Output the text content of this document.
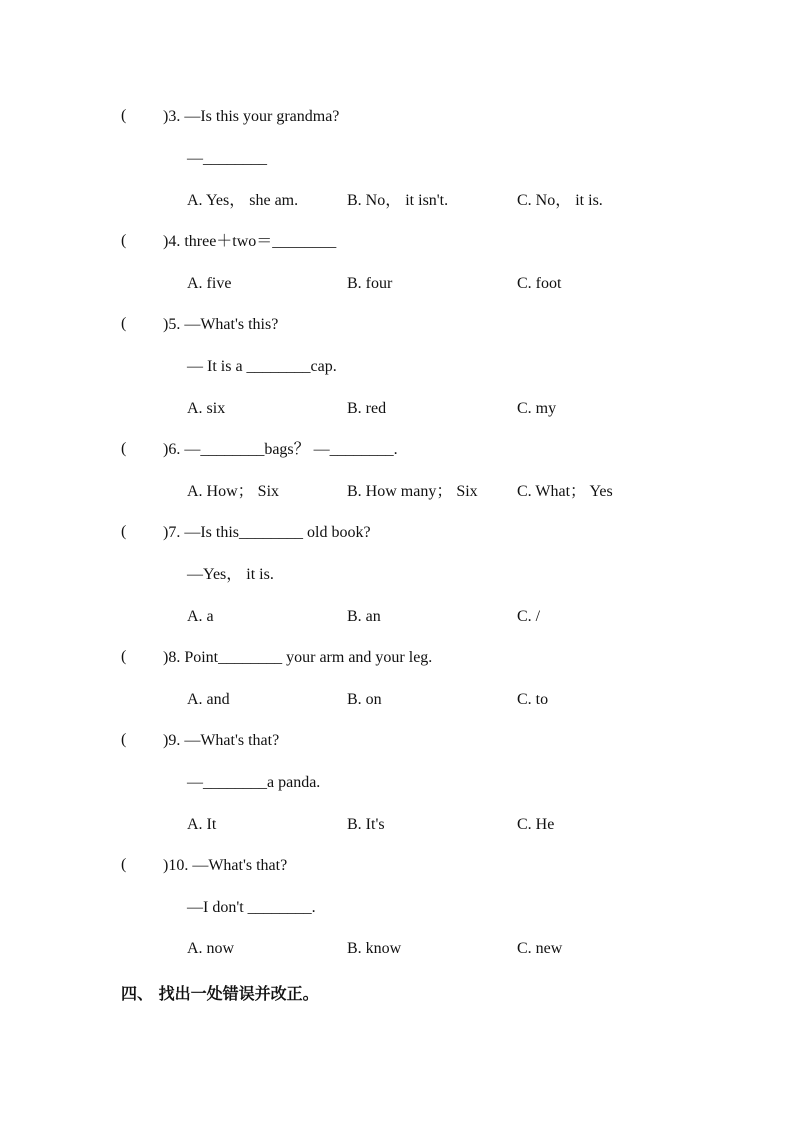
( )3. —Is this your grandma?
—________
A. Yes， she am.	B. No， it isn't.	C. No， it is.
( )4. three＋two＝________
A. five	B. four	C. foot
( )5. —What's this?
— It is a ________cap.
A. six	B. red	C. my
( )6. —________bags？ —________.
A. How； Six	B. How many； Six C. What； Yes
( )7. —Is this________ old book?
—Yes， it is.
A. a	B. an	C. /
( )8. Point________ your arm and your leg.
A. and	B. on	C. to
( )9. —What's that?
—________a panda.
A. It	B. It's	C. He
( )10. —What's that?
—I don't ________.
A. now	B. know	C. new
四、 找出一处错误并改正。
